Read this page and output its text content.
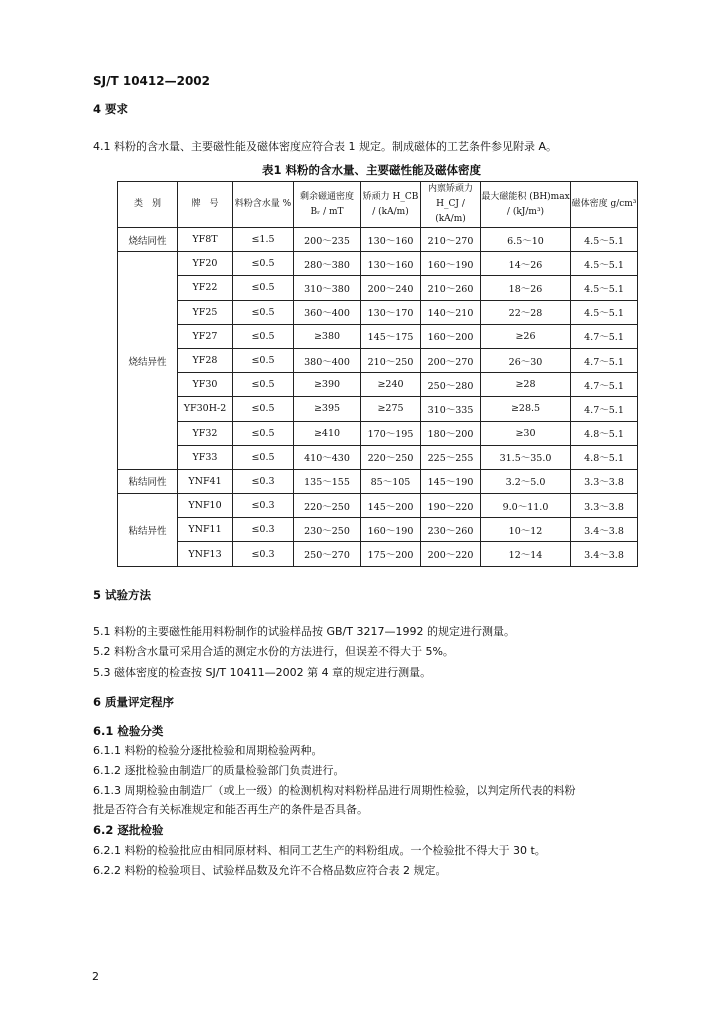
SJ/T 10412—2002
4 要求
4.1 料粉的含水量、主要磁性能及磁体密度应符合表 1 规定。制成磁体的工艺条件参见附录 A。
表1 料粉的含水量、主要磁性能及磁体密度
类　别	牌　号	料粉含水量 %	剩余磁通密度 Bᵣ / mT	矫顽力 H_CB / (kA/m)	内禀矫顽力 H_CJ / (kA/m)	最大磁能积 (BH)max / (kJ/m³)	磁体密度 g/cm³
烧结同性	YF8T	≤1.5	200～235	130～160	210～270	6.5～10	4.5～5.1
烧结异性	YF20	≤0.5	280～380	130～160	160～190	14～26	4.5～5.1
	YF22	≤0.5	310～380	200～240	210～260	18～26	4.5～5.1
	YF25	≤0.5	360～400	130～170	140～210	22～28	4.5～5.1
	YF27	≤0.5	≥380	145～175	160～200	≥26	4.7～5.1
	YF28	≤0.5	380～400	210～250	200～270	26～30	4.7～5.1
	YF30	≤0.5	≥390	≥240	250～280	≥28	4.7～5.1
	YF30H-2	≤0.5	≥395	≥275	310～335	≥28.5	4.7～5.1
	YF32	≤0.5	≥410	170～195	180～200	≥30	4.8～5.1
	YF33	≤0.5	410～430	220～250	225～255	31.5～35.0	4.8～5.1
粘结同性	YNF41	≤0.3	135～155	85～105	145～190	3.2～5.0	3.3～3.8
粘结异性	YNF10	≤0.3	220～250	145～200	190～220	9.0～11.0	3.3～3.8
	YNF11	≤0.3	230～250	160～190	230～260	10～12	3.4～3.8
	YNF13	≤0.3	250～270	175～200	200～220	12～14	3.4～3.8
5 试验方法
5.1 料粉的主要磁性能用料粉制作的试验样品按 GB/T 3217—1992 的规定进行测量。
5.2 料粉含水量可采用合适的测定水份的方法进行，但误差不得大于 5%。
5.3 磁体密度的检查按 SJ/T 10411—2002 第 4 章的规定进行测量。
6 质量评定程序
6.1 检验分类
6.1.1 料粉的检验分逐批检验和周期检验两种。
6.1.2 逐批检验由制造厂的质量检验部门负责进行。
6.1.3 周期检验由制造厂（或上一级）的检测机构对料粉样品进行周期性检验，以判定所代表的料粉
批是否符合有关标准规定和能否再生产的条件是否具备。
6.2 逐批检验
6.2.1 料粉的检验批应由相同原材料、相同工艺生产的料粉组成。一个检验批不得大于 30 t。
6.2.2 料粉的检验项目、试验样品数及允许不合格品数应符合表 2 规定。
2
